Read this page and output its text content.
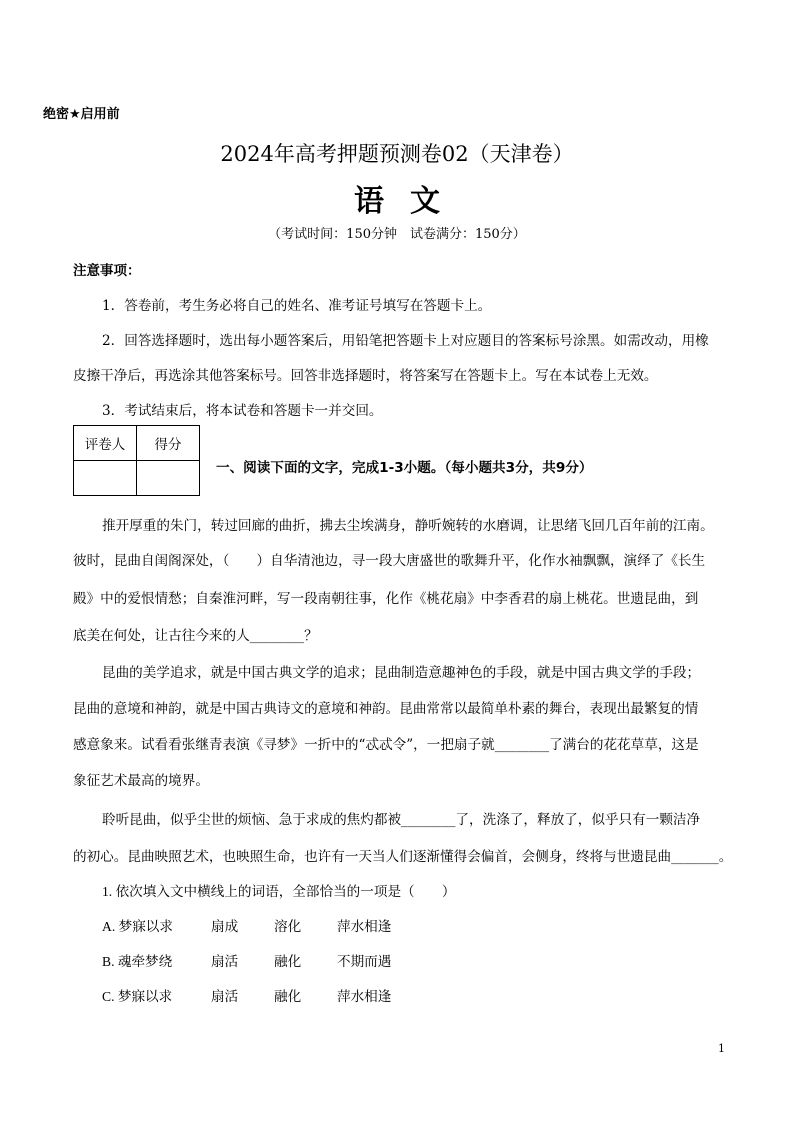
绝密★启用前
2024年高考押题预测卷02（天津卷）
语文
（考试时间：150分钟　试卷满分：150分）
注意事项：
1．答卷前，考生务必将自己的姓名、准考证号填写在答题卡上。
2．回答选择题时，选出每小题答案后，用铅笔把答题卡上对应题目的答案标号涂黑。如需改动，用橡
皮擦干净后，再选涂其他答案标号。回答非选择题时，将答案写在答题卡上。写在本试卷上无效。
3．考试结束后，将本试卷和答题卡一并交回。
评卷人	得分

一、阅读下面的文字，完成1-3小题。（每小题共3分，共9分）
推开厚重的朱门，转过回廊的曲折，拂去尘埃满身，静听婉转的水磨调，让思绪飞回几百年前的江南。
彼时，昆曲自闺阁深处，（　　）自华清池边，寻一段大唐盛世的歌舞升平，化作水袖飘飘，演绎了《长生
殿》中的爱恨情愁；自秦淮河畔，写一段南朝往事，化作《桃花扇》中李香君的扇上桃花。世遗昆曲，到
底美在何处，让古往今来的人________？
昆曲的美学追求，就是中国古典文学的追求；昆曲制造意趣神色的手段，就是中国古典文学的手段；
昆曲的意境和神韵，就是中国古典诗文的意境和神韵。昆曲常常以最简单朴素的舞台，表现出最繁复的情
感意象来。试看看张继青表演《寻梦》一折中的“忒忒令”，一把扇子就________了满台的花花草草，这是
象征艺术最高的境界。
聆听昆曲，似乎尘世的烦恼、急于求成的焦灼都被________了，洗涤了，释放了，似乎只有一颗洁净
的初心。昆曲映照艺术，也映照生命，也许有一天当人们逐渐懂得会偏首，会侧身，终将与世遗昆曲_______。
1. 依次填入文中横线上的词语，全部恰当的一项是（　　）
A. 梦寐以求	扇成	溶化	萍水相逢
B. 魂牵梦绕	扇活	融化	不期而遇
C. 梦寐以求	扇活	融化	萍水相逢
1
